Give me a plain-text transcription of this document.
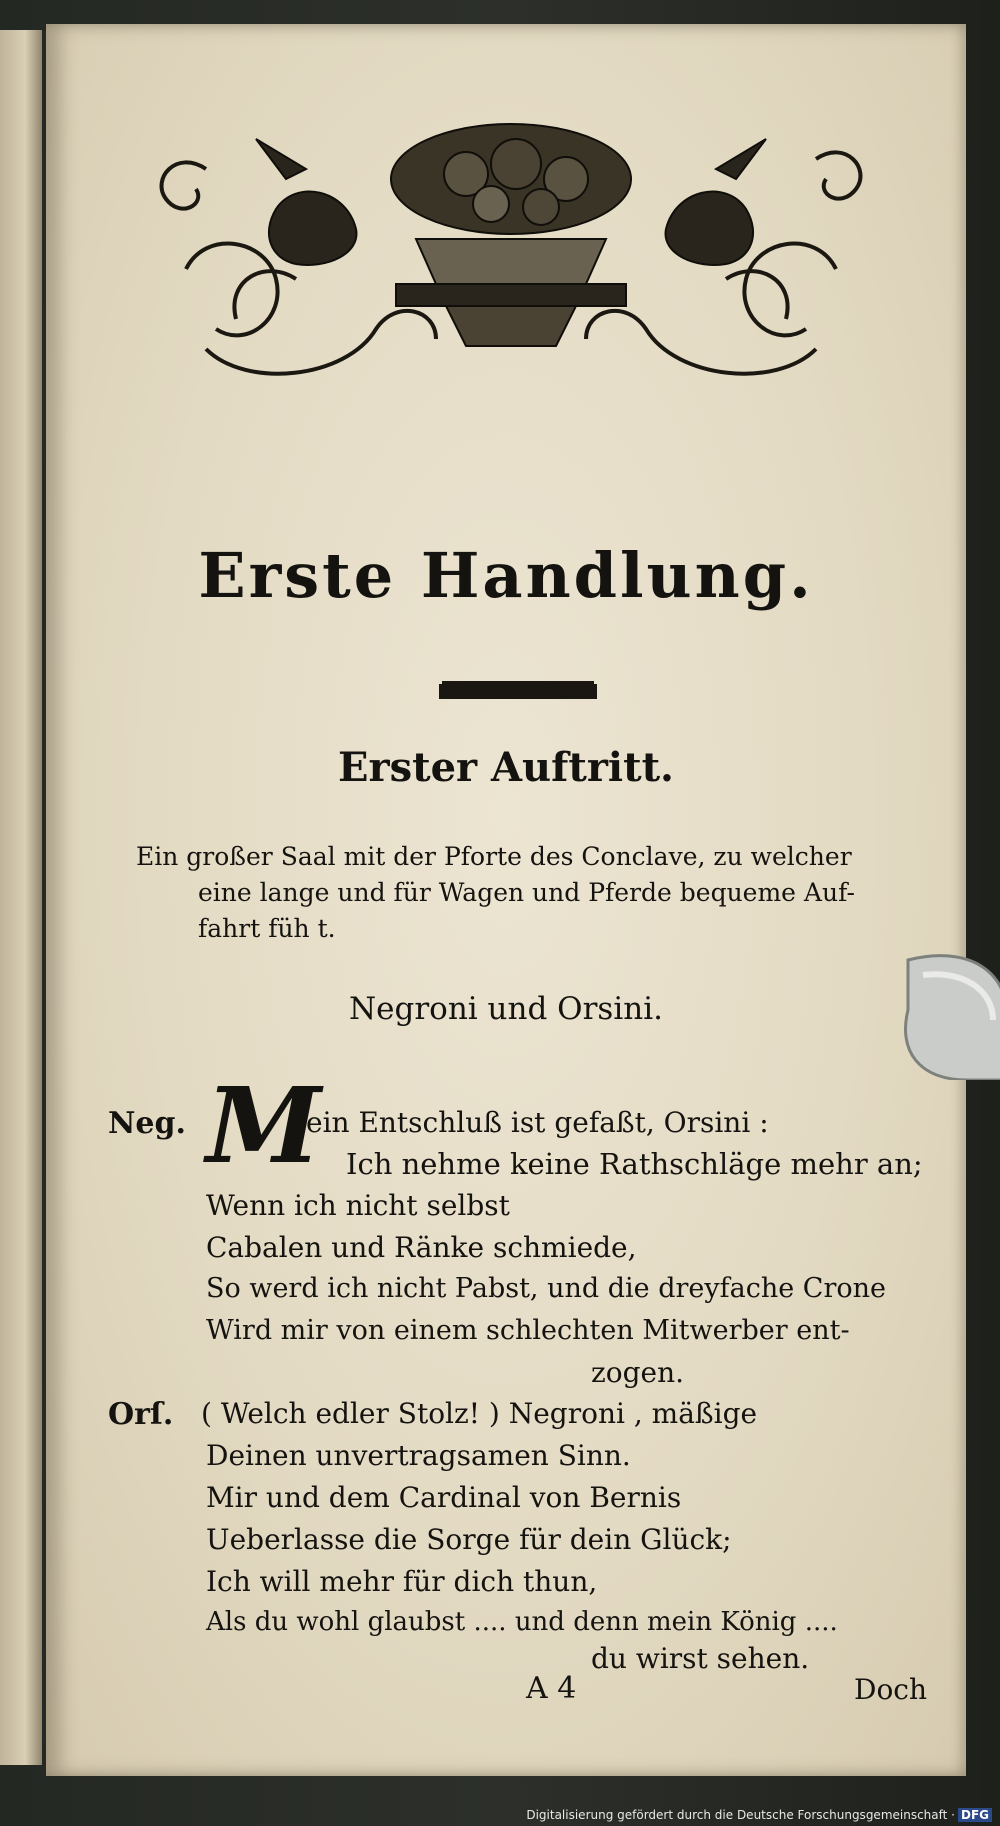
Erste Handlung.
Erster Auftritt.
Ein großer Saal mit der Pforte des Conclave, zu welcher
eine lange und für Wagen und Pferde bequeme Auf-
fahrt füh t.
Negroni und Orsini.
Neg. M
ein Entschluß ist gefaßt, Orsini :
Ich nehme keine Rathschläge mehr an;
Wenn ich nicht selbst
Cabalen und Ränke schmiede,
So werd ich nicht Pabst, und die dreyfache Crone
Wird mir von einem schlechten Mitwerber ent-
zogen.
Orſ. ( Welch edler Stolz! ) Negroni , mäßige
Deinen unvertragsamen Sinn.
Mir und dem Cardinal von Bernis
Ueberlasse die Sorge für dein Glück;
Ich will mehr für dich thun,
Als du wohl glaubst .... und denn mein König ....
du wirst sehen.
A 4	Doch
Digitalisierung gefördert durch die Deutsche Forschungsgemeinschaft · DFG
